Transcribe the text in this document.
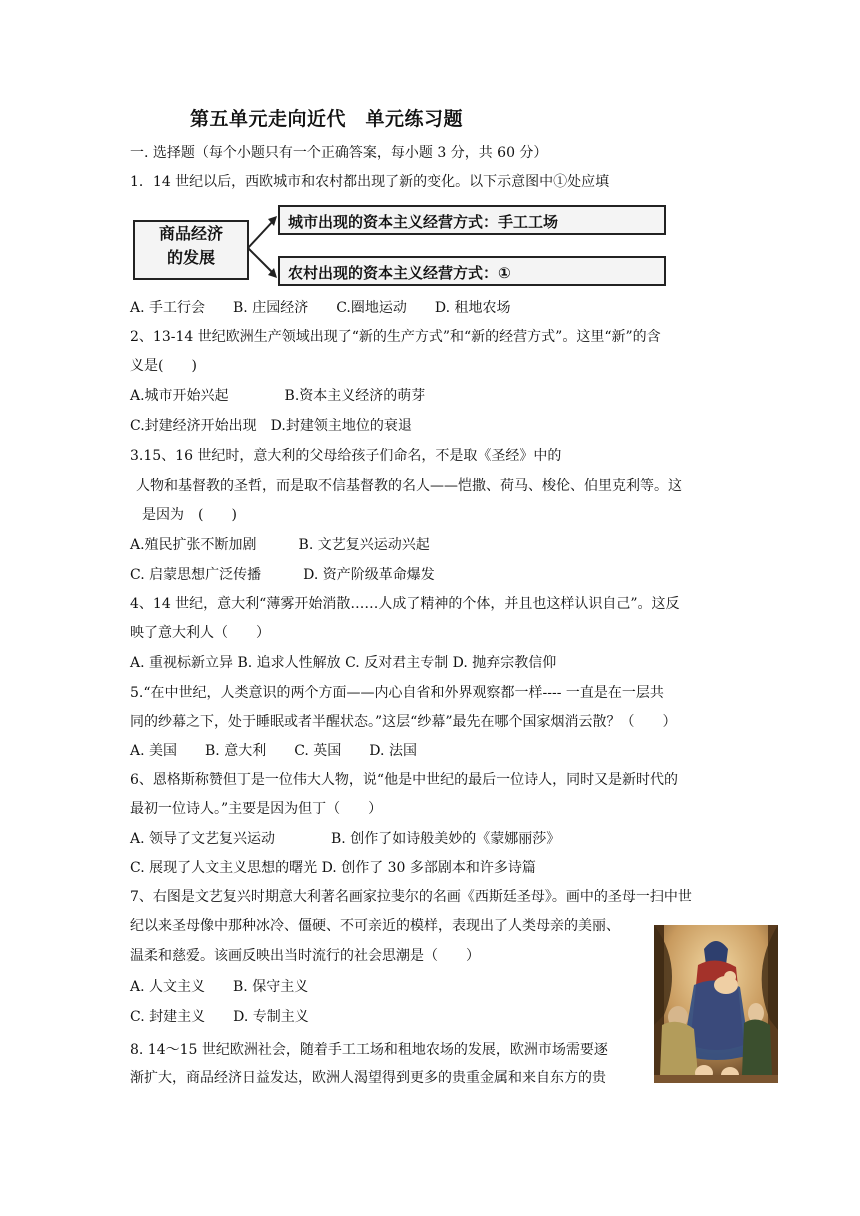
第五单元走向近代　单元练习题
一. 选择题（每个小题只有一个正确答案，每小题 3 分，共 60 分）
1．14 世纪以后，西欧城市和农村都出现了新的变化。以下示意图中①处应填
商品经济
的发展
城市出现的资本主义经营方式：手工工场
农村出现的资本主义经营方式：①
A. 手工行会　　B. 庄园经济　　C.圈地运动　　D. 租地农场
2、13-14 世纪欧洲生产领域出现了“新的生产方式”和“新的经营方式”。这里“新”的含
义是(　　)
A.城市开始兴起　　　　B.资本主义经济的萌芽
C.封建经济开始出现　D.封建领主地位的衰退
3.15、16 世纪时，意大利的父母给孩子们命名，不是取《圣经》中的
人物和基督教的圣哲，而是取不信基督教的名人——恺撒、荷马、梭伦、伯里克利等。这
是因为　(　　)
A.殖民扩张不断加剧　　　B. 文艺复兴运动兴起
C. 启蒙思想广泛传播　　　D. 资产阶级革命爆发
4、14 世纪，意大利“薄雾开始消散……人成了精神的个体，并且也这样认识自己”。这反
映了意大利人（　　）
A. 重视标新立异 B. 追求人性解放 C. 反对君主专制 D. 抛弃宗教信仰
5.“在中世纪，人类意识的两个方面——内心自省和外界观察都一样---- 一直是在一层共
同的纱幕之下，处于睡眠或者半醒状态。”这层“纱幕”最先在哪个国家烟消云散？（　　）
A. 美国　　B. 意大利　　C. 英国　　D. 法国
6、恩格斯称赞但丁是一位伟大人物，说“他是中世纪的最后一位诗人，同时又是新时代的
最初一位诗人。”主要是因为但丁（　　）
A. 领导了文艺复兴运动　　　　B. 创作了如诗般美妙的《蒙娜丽莎》
C. 展现了人文主义思想的曙光 D. 创作了 30 多部剧本和许多诗篇
7、右图是文艺复兴时期意大利著名画家拉斐尔的名画《西斯廷圣母》。画中的圣母一扫中世
纪以来圣母像中那种冰冷、僵硬、不可亲近的模样，表现出了人类母亲的美丽、
温柔和慈爱。该画反映出当时流行的社会思潮是（　　）
A. 人文主义　　B. 保守主义
C. 封建主义　　D. 专制主义
8. 14～15 世纪欧洲社会，随着手工工场和租地农场的发展，欧洲市场需要逐
渐扩大，商品经济日益发达，欧洲人渴望得到更多的贵重金属和来自东方的贵
